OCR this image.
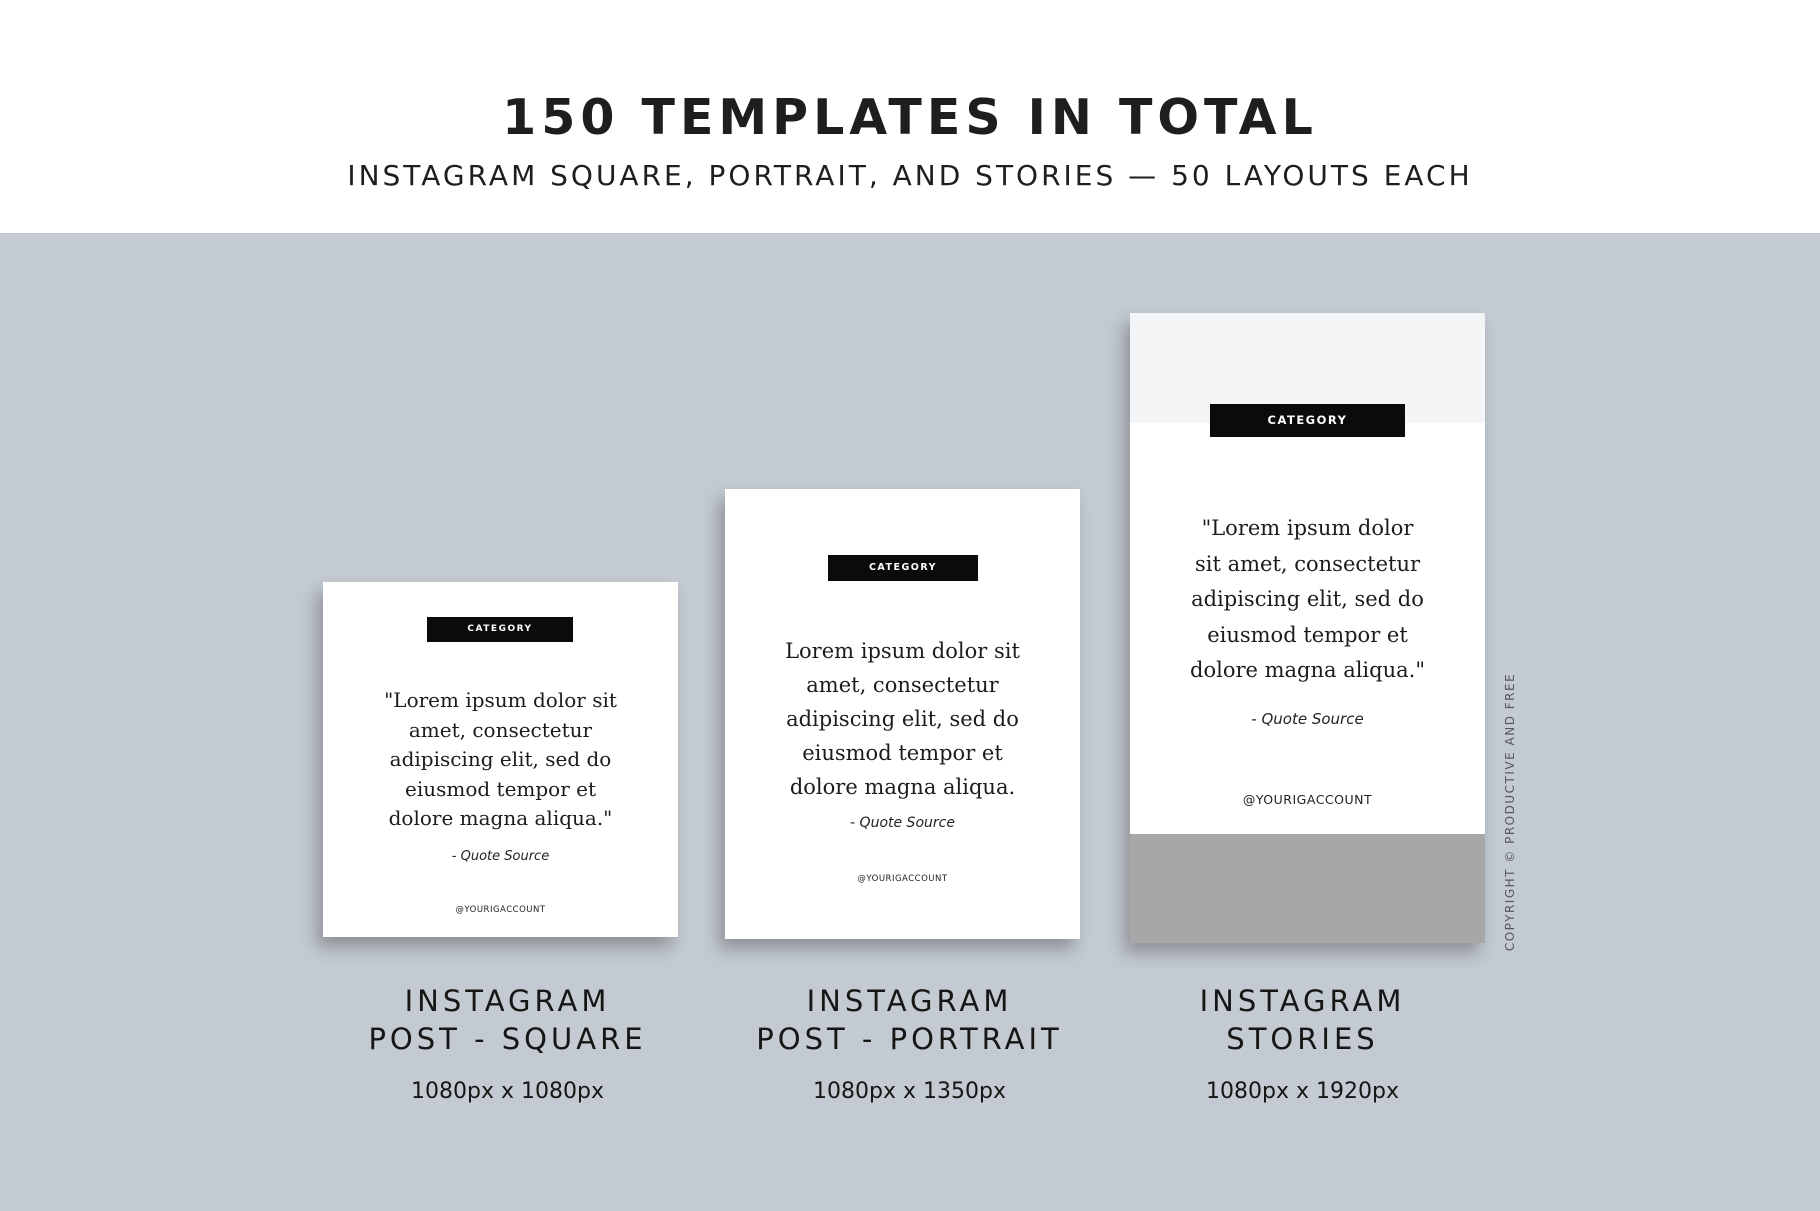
150 TEMPLATES IN TOTAL
INSTAGRAM SQUARE, PORTRAIT, AND STORIES — 50 LAYOUTS EACH
CATEGORY
"Lorem ipsum dolor sit amet, consectetur adipiscing elit, sed do eiusmod tempor et dolore magna aliqua."
- Quote Source
@YOURIGACCOUNT
CATEGORY
Lorem ipsum dolor sit amet, consectetur adipiscing elit, sed do eiusmod tempor et dolore magna aliqua.
- Quote Source
@YOURIGACCOUNT
CATEGORY
"Lorem ipsum dolor sit amet, consectetur adipiscing elit, sed do eiusmod tempor et dolore magna aliqua."
- Quote Source
@YOURIGACCOUNT
INSTAGRAM
POST - SQUARE
1080px x 1080px
INSTAGRAM
POST - PORTRAIT
1080px x 1350px
INSTAGRAM
STORIES
1080px x 1920px
COPYRIGHT © PRODUCTIVE AND FREE
